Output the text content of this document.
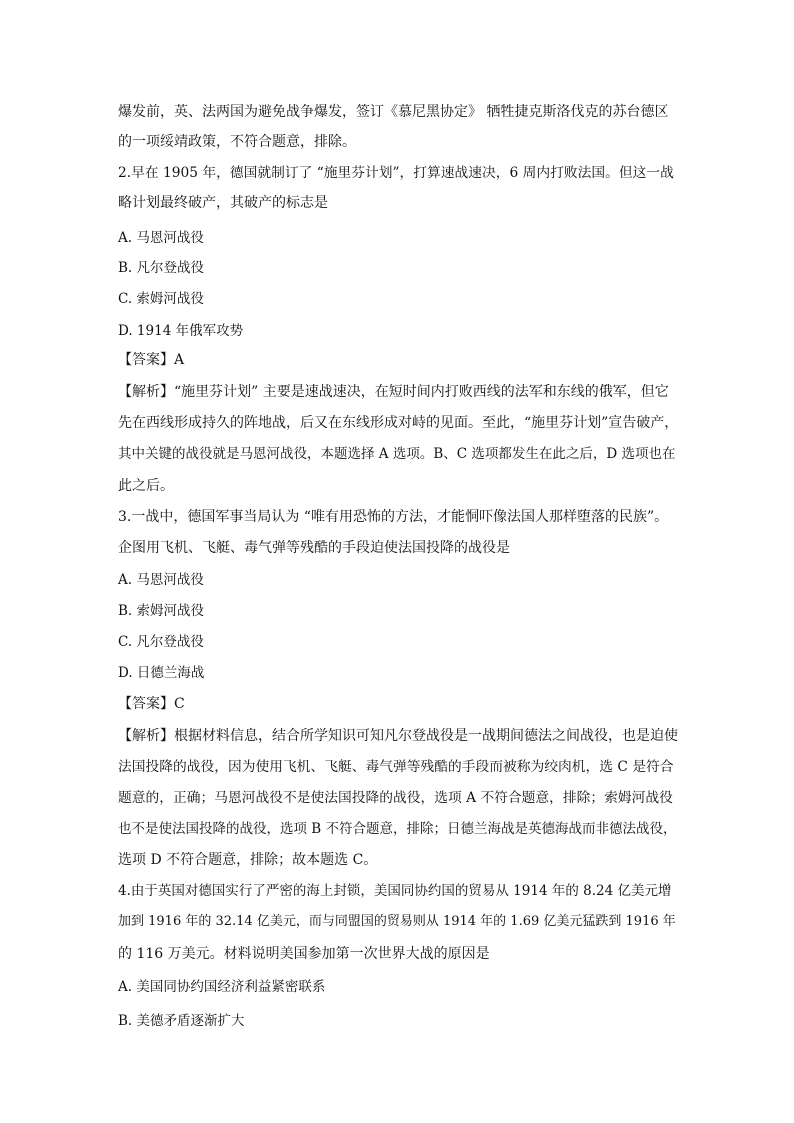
爆发前，英、法两国为避免战争爆发，签订《慕尼黑协定》 牺牲捷克斯洛伐克的苏台德区
的一项绥靖政策，不符合题意，排除。
2.早在 1905 年，德国就制订了 “施里芬计划”，打算速战速决，6 周内打败法国。但这一战
略计划最终破产，其破产的标志是
A. 马恩河战役
B. 凡尔登战役
C. 索姆河战役
D. 1914 年俄军攻势
【答案】A
【解析】“施里芬计划” 主要是速战速决，在短时间内打败西线的法军和东线的俄军，但它
先在西线形成持久的阵地战，后又在东线形成对峙的见面。至此，“施里芬计划”宣告破产，
其中关键的战役就是马恩河战役，本题选择 A 选项。B、C 选项都发生在此之后，D 选项也在
此之后。
3.一战中，德国军事当局认为 “唯有用恐怖的方法，才能恫吓像法国人那样堕落的民族”。
企图用飞机、飞艇、毒气弹等残酷的手段迫使法国投降的战役是
A. 马恩河战役
B. 索姆河战役
C. 凡尔登战役
D. 日德兰海战
【答案】C
【解析】根据材料信息，结合所学知识可知凡尔登战役是一战期间德法之间战役，也是迫使
法国投降的战役，因为使用飞机、飞艇、毒气弹等残酷的手段而被称为绞肉机，选 C 是符合
题意的，正确；马恩河战役不是使法国投降的战役，选项 A 不符合题意，排除；索姆河战役
也不是使法国投降的战役，选项 B 不符合题意，排除；日德兰海战是英德海战而非德法战役，
选项 D 不符合题意，排除；故本题选 C。
4.由于英国对德国实行了严密的海上封锁，美国同协约国的贸易从 1914 年的 8.24 亿美元增
加到 1916 年的 32.14 亿美元，而与同盟国的贸易则从 1914 年的 1.69 亿美元猛跌到 1916 年
的 116 万美元。材料说明美国参加第一次世界大战的原因是
A. 美国同协约国经济利益紧密联系
B. 美德矛盾逐渐扩大
